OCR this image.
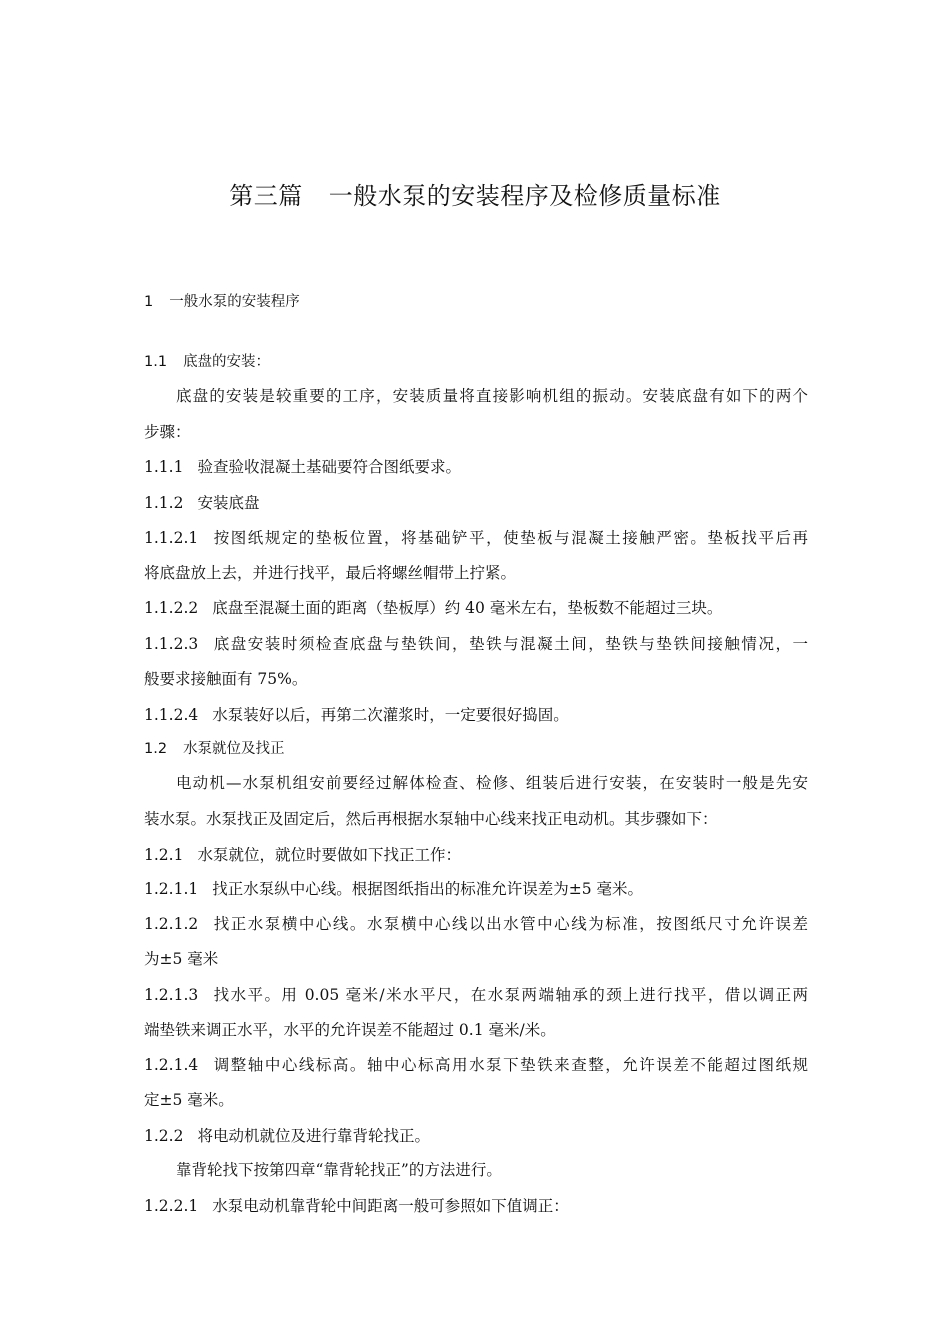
第三篇 一般水泵的安装程序及检修质量标准
1 一般水泵的安装程序
1.1 底盘的安装：
底盘的安装是较重要的工序，安装质量将直接影响机组的振动。安装底盘有如下的两个
步骤：
1.1.1 验查验收混凝土基础要符合图纸要求。
1.1.2 安装底盘
1.1.2.1 按图纸规定的垫板位置，将基础铲平，使垫板与混凝土接触严密。垫板找平后再
将底盘放上去，并进行找平，最后将螺丝帽带上拧紧。
1.1.2.2 底盘至混凝土面的距离（垫板厚）约 40 毫米左右，垫板数不能超过三块。
1.1.2.3 底盘安装时须检查底盘与垫铁间，垫铁与混凝土间，垫铁与垫铁间接触情况，一
般要求接触面有 75%。
1.1.2.4 水泵装好以后，再第二次灌浆时，一定要很好捣固。
1.2 水泵就位及找正
电动机—水泵机组安前要经过解体检查、检修、组装后进行安装，在安装时一般是先安
装水泵。水泵找正及固定后，然后再根据水泵轴中心线来找正电动机。其步骤如下：
1.2.1 水泵就位，就位时要做如下找正工作：
1.2.1.1 找正水泵纵中心线。根据图纸指出的标准允许误差为±5 毫米。
1.2.1.2 找正水泵横中心线。水泵横中心线以出水管中心线为标准，按图纸尺寸允许误差
为±5 毫米
1.2.1.3 找水平。用 0.05 毫米/米水平尺，在水泵两端轴承的颈上进行找平，借以调正两
端垫铁来调正水平，水平的允许误差不能超过 0.1 毫米/米。
1.2.1.4 调整轴中心线标高。轴中心标高用水泵下垫铁来查整，允许误差不能超过图纸规
定±5 毫米。
1.2.2 将电动机就位及进行靠背轮找正。
靠背轮找下按第四章“靠背轮找正”的方法进行。
1.2.2.1 水泵电动机靠背轮中间距离一般可参照如下值调正：
